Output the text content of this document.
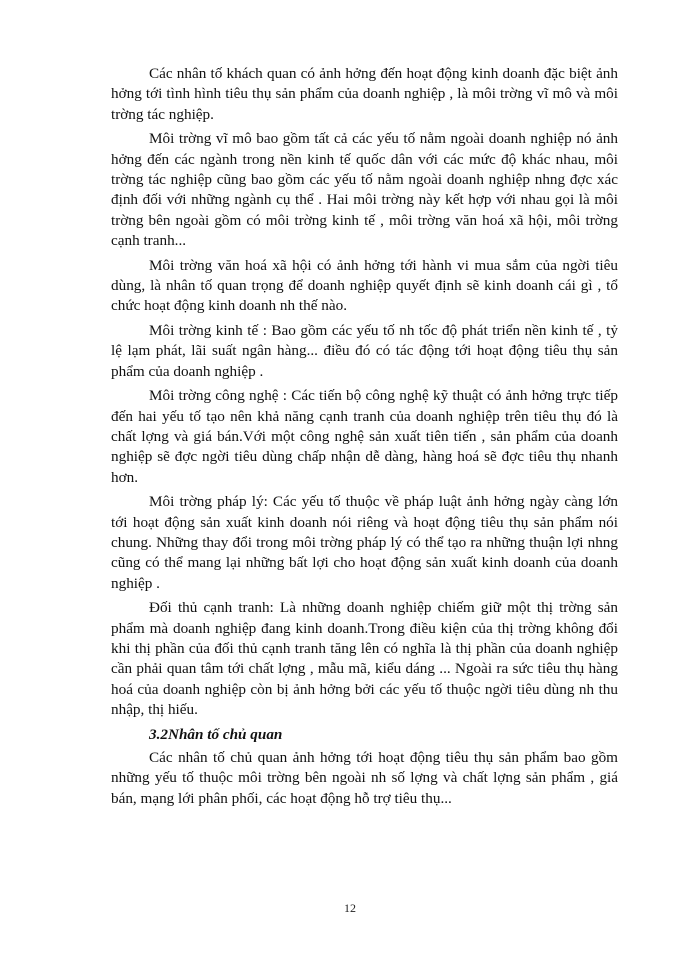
Các nhân tố khách quan có ảnh hởng đến hoạt động kinh doanh đặc biệt ảnh hởng tới tình hình tiêu thụ sản phẩm của doanh nghiệp , là môi trờng vĩ mô và môi trờng tác nghiệp.

Môi trờng vĩ mô bao gồm tất cả các yếu tố nằm ngoài doanh nghiệp nó ảnh hởng đến các ngành trong nền kinh tế quốc dân với các mức độ khác nhau, môi trờng tác nghiệp cũng bao gồm các yếu tố nằm ngoài doanh nghiệp nhng đợc xác định đối với những ngành cụ thể . Hai môi trờng này kết hợp với nhau gọi là môi trờng bên ngoài gồm có môi trờng kinh tế , môi trờng văn hoá xã hội, môi trờng cạnh tranh...

Môi trờng văn hoá xã hội có ảnh hởng tới hành vi mua sắm của ngời tiêu dùng, là nhân tố quan trọng để doanh nghiệp quyết định sẽ kinh doanh cái gì , tổ chức hoạt động kinh doanh nh thế nào.

Môi trờng kinh tế : Bao gồm các yếu tố nh tốc độ phát triển nền kinh tế , tỷ lệ lạm phát, lãi suất ngân hàng... điều đó có tác động tới hoạt động tiêu thụ sản phẩm của doanh nghiệp .

Môi trờng công nghệ : Các tiến bộ công nghệ kỹ thuật có ảnh hởng trực tiếp đến hai yếu tố tạo nên khả năng cạnh tranh của doanh nghiệp trên tiêu thụ đó là chất lợng và giá bán.Với một công nghệ sản xuất tiên tiến , sản phẩm của doanh nghiệp sẽ đợc ngời tiêu dùng chấp nhận dễ dàng, hàng hoá sẽ đợc tiêu thụ nhanh hơn.

Môi trờng pháp lý: Các yếu tố thuộc về pháp luật ảnh hởng ngày càng lớn tới hoạt động sản xuất kinh doanh nói riêng và hoạt động tiêu thụ sản phẩm nói chung. Những thay đổi trong môi trờng pháp lý có thể tạo ra những thuận lợi nhng cũng có thể mang lại những bất lợi cho hoạt động sản xuất kinh doanh của doanh nghiệp .

Đối thủ cạnh tranh: Là những doanh nghiệp chiếm giữ một thị trờng sản phẩm mà doanh nghiệp đang kinh doanh.Trong điều kiện của thị trờng không đổi khi thị phần của đối thủ cạnh tranh tăng lên có nghĩa là thị phần của doanh nghiệp cần phải quan tâm tới chất lợng , mẫu mã, kiểu dáng ... Ngoài ra sức tiêu thụ hàng hoá của doanh nghiệp còn bị ảnh hởng bởi các yếu tố thuộc ngời tiêu dùng nh thu nhập, thị hiếu.

3.2Nhân tố chủ quan

Các nhân tố chủ quan ảnh hởng tới hoạt động tiêu thụ sản phẩm bao gồm những yếu tố thuộc môi trờng bên ngoài nh số lợng và chất lợng sản phẩm , giá bán, mạng lới phân phối, các hoạt động hỗ trợ tiêu thụ...

12
